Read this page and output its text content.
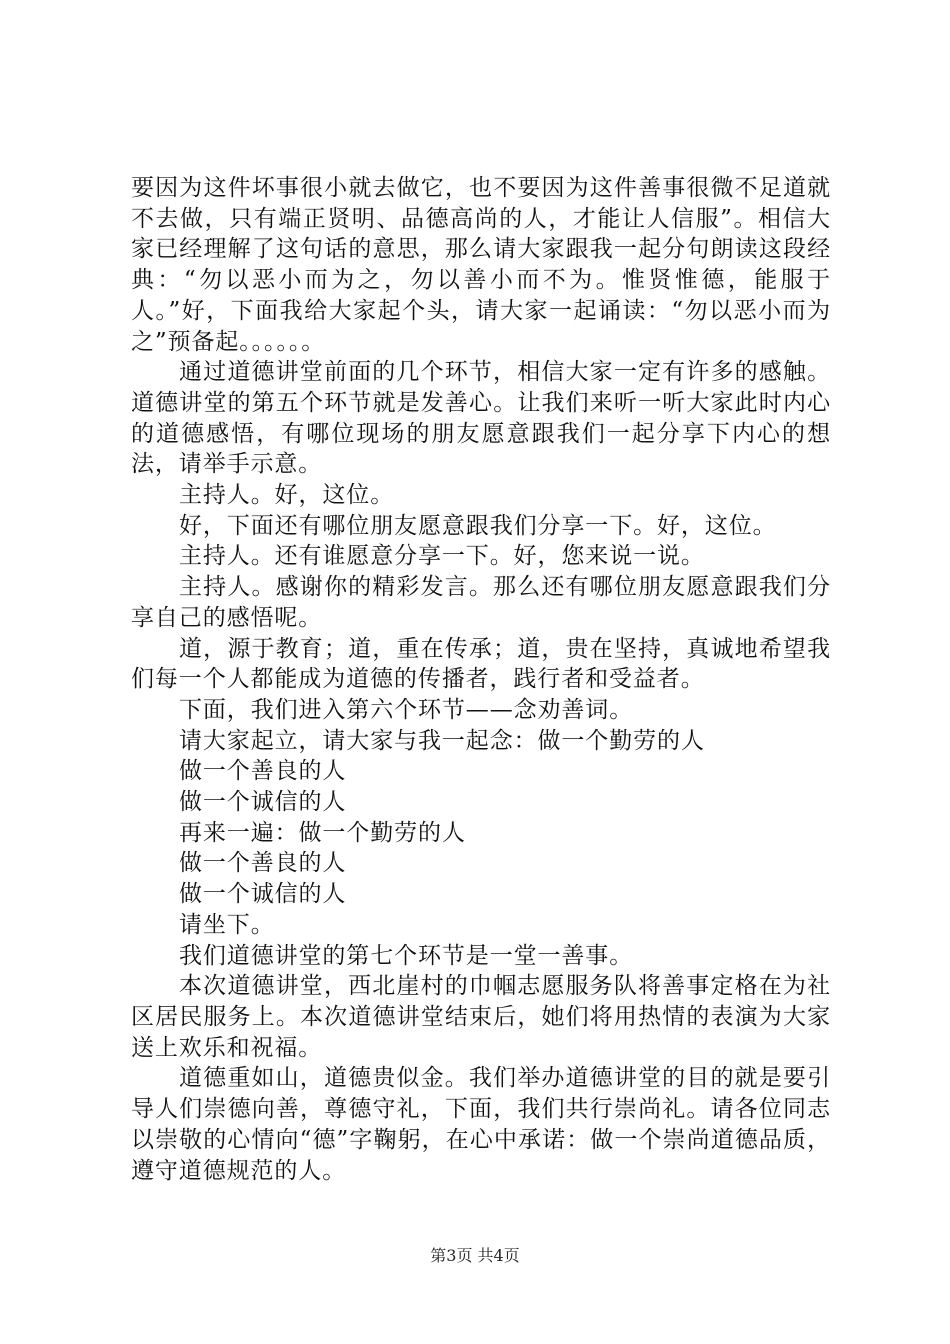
要因为这件坏事很小就去做它，也不要因为这件善事很微不足道就不去做，只有端正贤明、品德高尚的人，才能让人信服”。相信大家已经理解了这句话的意思，那么请大家跟我一起分句朗读这段经典：“勿以恶小而为之，勿以善小而不为。惟贤惟德，能服于人。”好，下面我给大家起个头，请大家一起诵读：“勿以恶小而为之”预备起。。。。。。

通过道德讲堂前面的几个环节，相信大家一定有许多的感触。道德讲堂的第五个环节就是发善心。让我们来听一听大家此时内心的道德感悟，有哪位现场的朋友愿意跟我们一起分享下内心的想法，请举手示意。

主持人。好，这位。

好，下面还有哪位朋友愿意跟我们分享一下。好，这位。

主持人。还有谁愿意分享一下。好，您来说一说。

主持人。感谢你的精彩发言。那么还有哪位朋友愿意跟我们分享自己的感悟呢。

道，源于教育；道，重在传承；道，贵在坚持，真诚地希望我们每一个人都能成为道德的传播者，践行者和受益者。

下面，我们进入第六个环节——念劝善词。

请大家起立，请大家与我一起念：做一个勤劳的人

做一个善良的人

做一个诚信的人

再来一遍：做一个勤劳的人

做一个善良的人

做一个诚信的人

请坐下。

我们道德讲堂的第七个环节是一堂一善事。

本次道德讲堂，西北崖村的巾帼志愿服务队将善事定格在为社区居民服务上。本次道德讲堂结束后，她们将用热情的表演为大家送上欢乐和祝福。

道德重如山，道德贵似金。我们举办道德讲堂的目的就是要引导人们崇德向善，尊德守礼，下面，我们共行崇尚礼。请各位同志以崇敬的心情向“德”字鞠躬，在心中承诺：做一个崇尚道德品质，遵守道德规范的人。

第3页 共4页
